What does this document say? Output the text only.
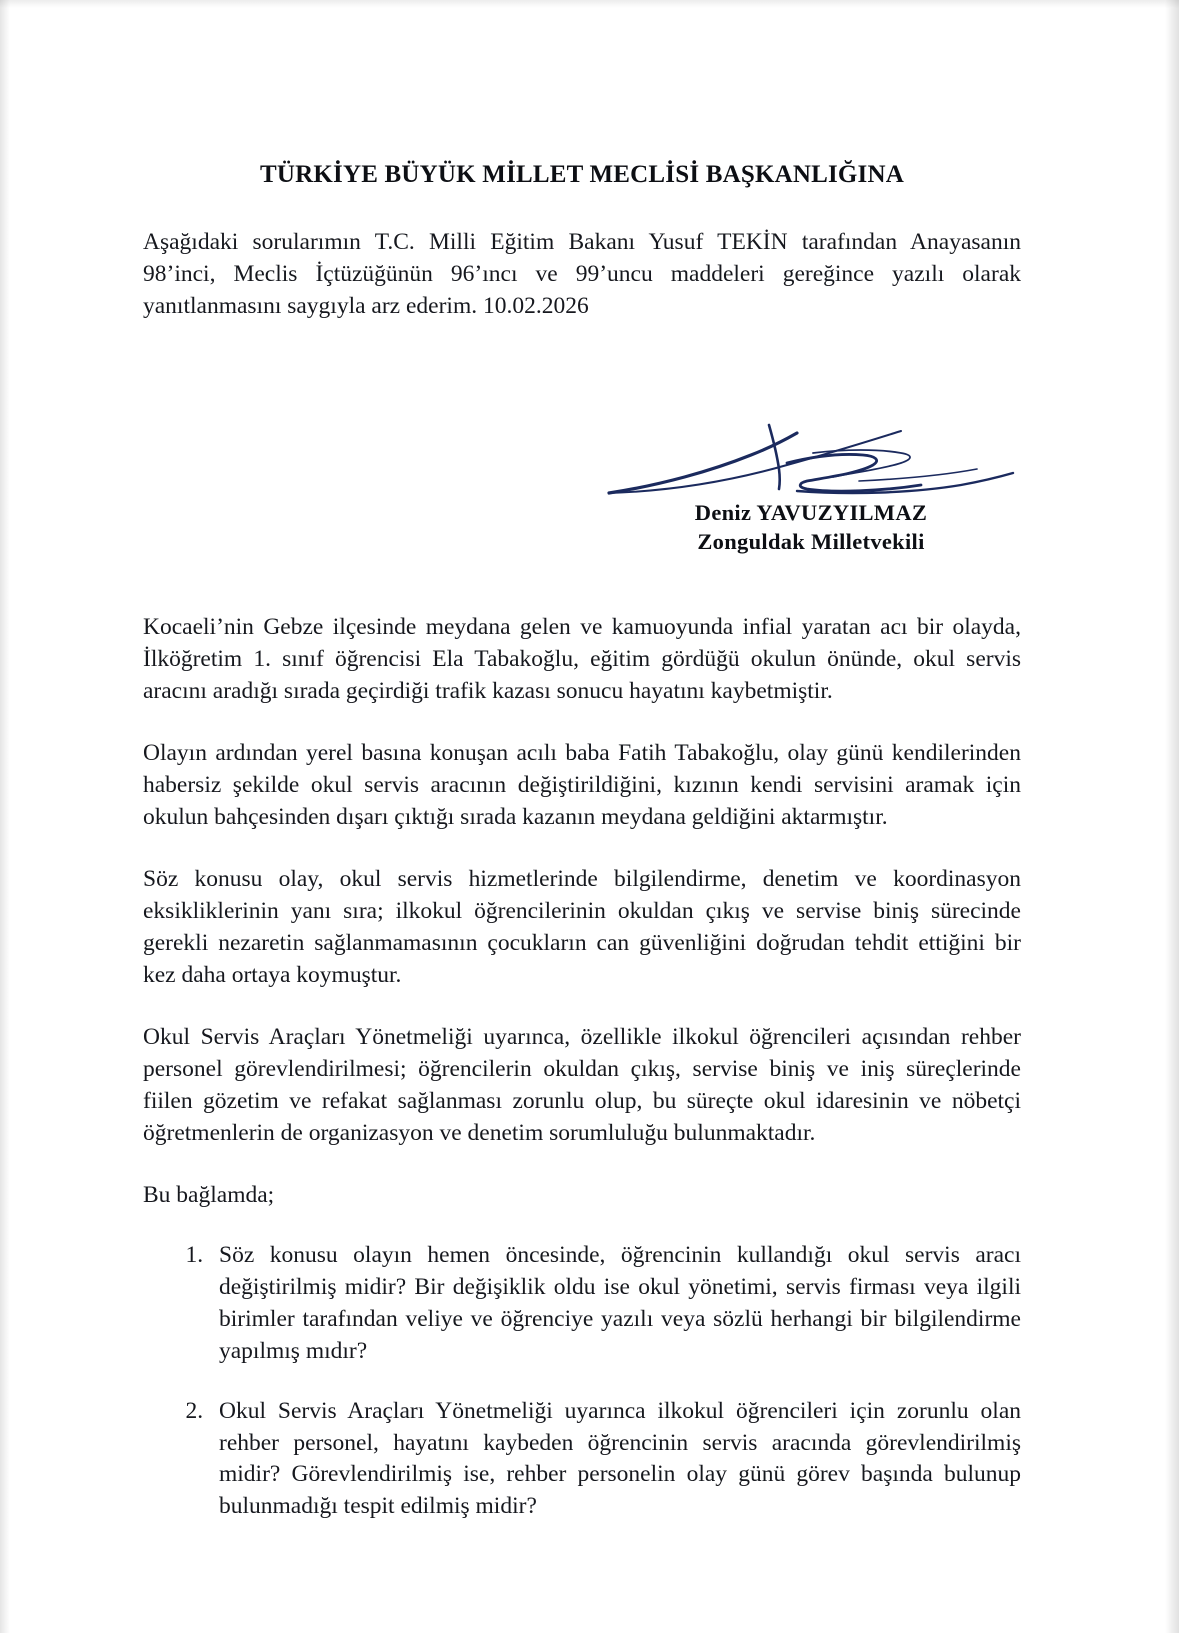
TÜRKİYE BÜYÜK MİLLET MECLİSİ BAŞKANLIĞINA

Aşağıdaki sorularımın T.C. Milli Eğitim Bakanı Yusuf TEKİN tarafından Anayasanın 98’inci, Meclis İçtüzüğünün 96’ıncı ve 99’uncu maddeleri gereğince yazılı olarak yanıtlanmasını saygıyla arz ederim. 10.02.2026

Deniz YAVUZYILMAZ
Zonguldak Milletvekili

Kocaeli’nin Gebze ilçesinde meydana gelen ve kamuoyunda infial yaratan acı bir olayda, İlköğretim 1. sınıf öğrencisi Ela Tabakoğlu, eğitim gördüğü okulun önünde, okul servis aracını aradığı sırada geçirdiği trafik kazası sonucu hayatını kaybetmiştir.

Olayın ardından yerel basına konuşan acılı baba Fatih Tabakoğlu, olay günü kendilerinden habersiz şekilde okul servis aracının değiştirildiğini, kızının kendi servisini aramak için okulun bahçesinden dışarı çıktığı sırada kazanın meydana geldiğini aktarmıştır.

Söz konusu olay, okul servis hizmetlerinde bilgilendirme, denetim ve koordinasyon eksikliklerinin yanı sıra; ilkokul öğrencilerinin okuldan çıkış ve servise biniş sürecinde gerekli nezaretin sağlanmamasının çocukların can güvenliğini doğrudan tehdit ettiğini bir kez daha ortaya koymuştur.

Okul Servis Araçları Yönetmeliği uyarınca, özellikle ilkokul öğrencileri açısından rehber personel görevlendirilmesi; öğrencilerin okuldan çıkış, servise biniş ve iniş süreçlerinde fiilen gözetim ve refakat sağlanması zorunlu olup, bu süreçte okul idaresinin ve nöbetçi öğretmenlerin de organizasyon ve denetim sorumluluğu bulunmaktadır.

Bu bağlamda;

1. Söz konusu olayın hemen öncesinde, öğrencinin kullandığı okul servis aracı değiştirilmiş midir? Bir değişiklik oldu ise okul yönetimi, servis firması veya ilgili birimler tarafından veliye ve öğrenciye yazılı veya sözlü herhangi bir bilgilendirme yapılmış mıdır?
2. Okul Servis Araçları Yönetmeliği uyarınca ilkokul öğrencileri için zorunlu olan rehber personel, hayatını kaybeden öğrencinin servis aracında görevlendirilmiş midir? Görevlendirilmiş ise, rehber personelin olay günü görev başında bulunup bulunmadığı tespit edilmiş midir?
